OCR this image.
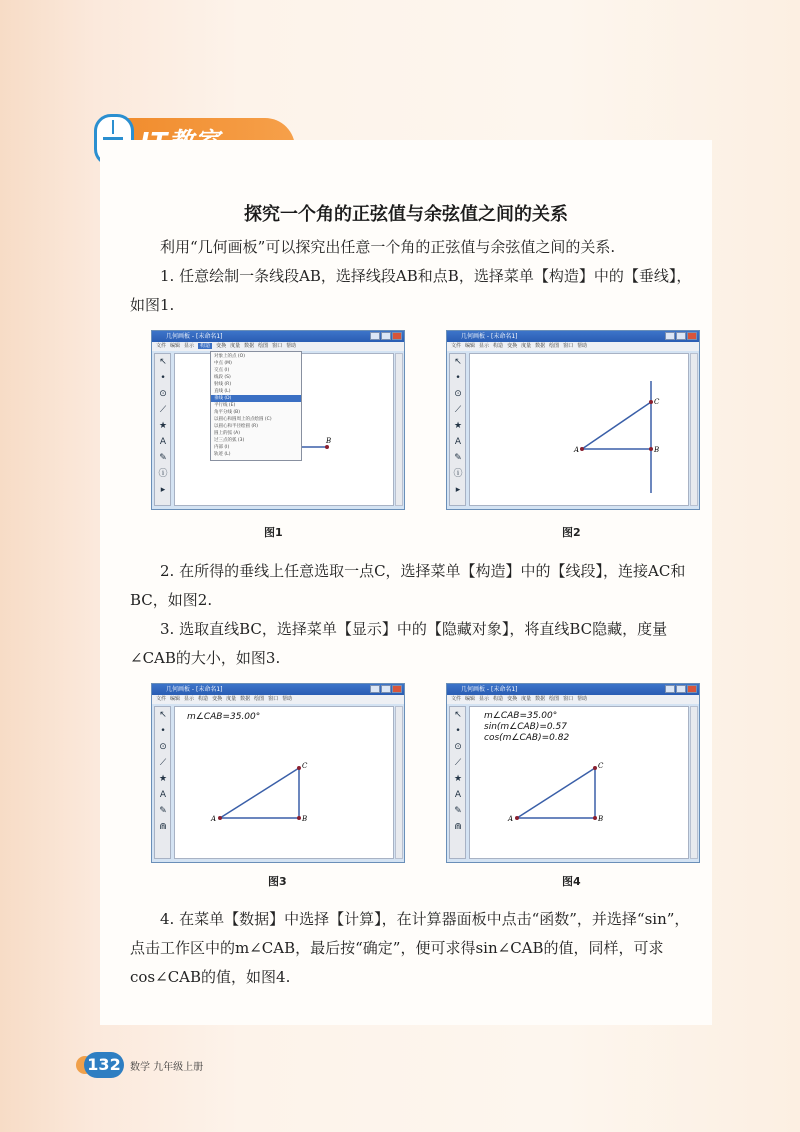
探究一个角的正弦值与余弦值之间的关系
利用“几何画板”可以探究出任意一个角的正弦值与余弦值之间的关系.
1. 任意绘制一条线段AB，选择线段AB和点B，选择菜单【构造】中的【垂线】，如图1.
几何画板 - [未命名1]
文件 编辑 显示 构造 变换 度量 数据 绘图 窗口 帮助
↖
•
⊙
⟋
★
A
✎
ⓘ
▸
B
对象上的点 (O)
中点 (M)
交点 (I)
线段 (S)
射线 (R)
直线 (L)
垂线 (D)
平行线 (E)
角平分线 (B)
以圆心和圆周上的点绘圆 (C)
以圆心和半径绘圆 (R)
圆上的弧 (A)
过三点的弧 (3)
内部 (I)
轨迹 (L)
几何画板 - [未命名1]
文件 编辑 显示 构造 变换 度量 数据 绘图 窗口 帮助
↖
•
⊙
⟋
★
A
✎
ⓘ
▸
A	B
C
图1	图2
2. 在所得的垂线上任意选取一点C，选择菜单【构造】中的【线段】，连接AC和BC，如图2.
3. 选取直线BC，选择菜单【显示】中的【隐藏对象】，将直线BC隐藏，度量∠CAB的大小，如图3.
几何画板 - [未命名1]
文件 编辑 显示 构造 变换 度量 数据 绘图 窗口 帮助
↖
•
⊙
⟋
★
A
✎
⋒
m∠CAB=35.00°
A	B
C
几何画板 - [未命名1]
文件 编辑 显示 构造 变换 度量 数据 绘图 窗口 帮助
↖
•
⊙
⟋
★
A
✎
⋒
m∠CAB=35.00°
sin(m∠CAB)=0.57
cos(m∠CAB)=0.82
A	B
C
图3	图4
4. 在菜单【数据】中选择【计算】，在计算器面板中点击“函数”，并选择“sin”，点击工作区中的m∠CAB，最后按“确定”，便可求得sin∠CAB的值，同样，可求cos∠CAB的值，如图4.
132 数学 九年级上册
